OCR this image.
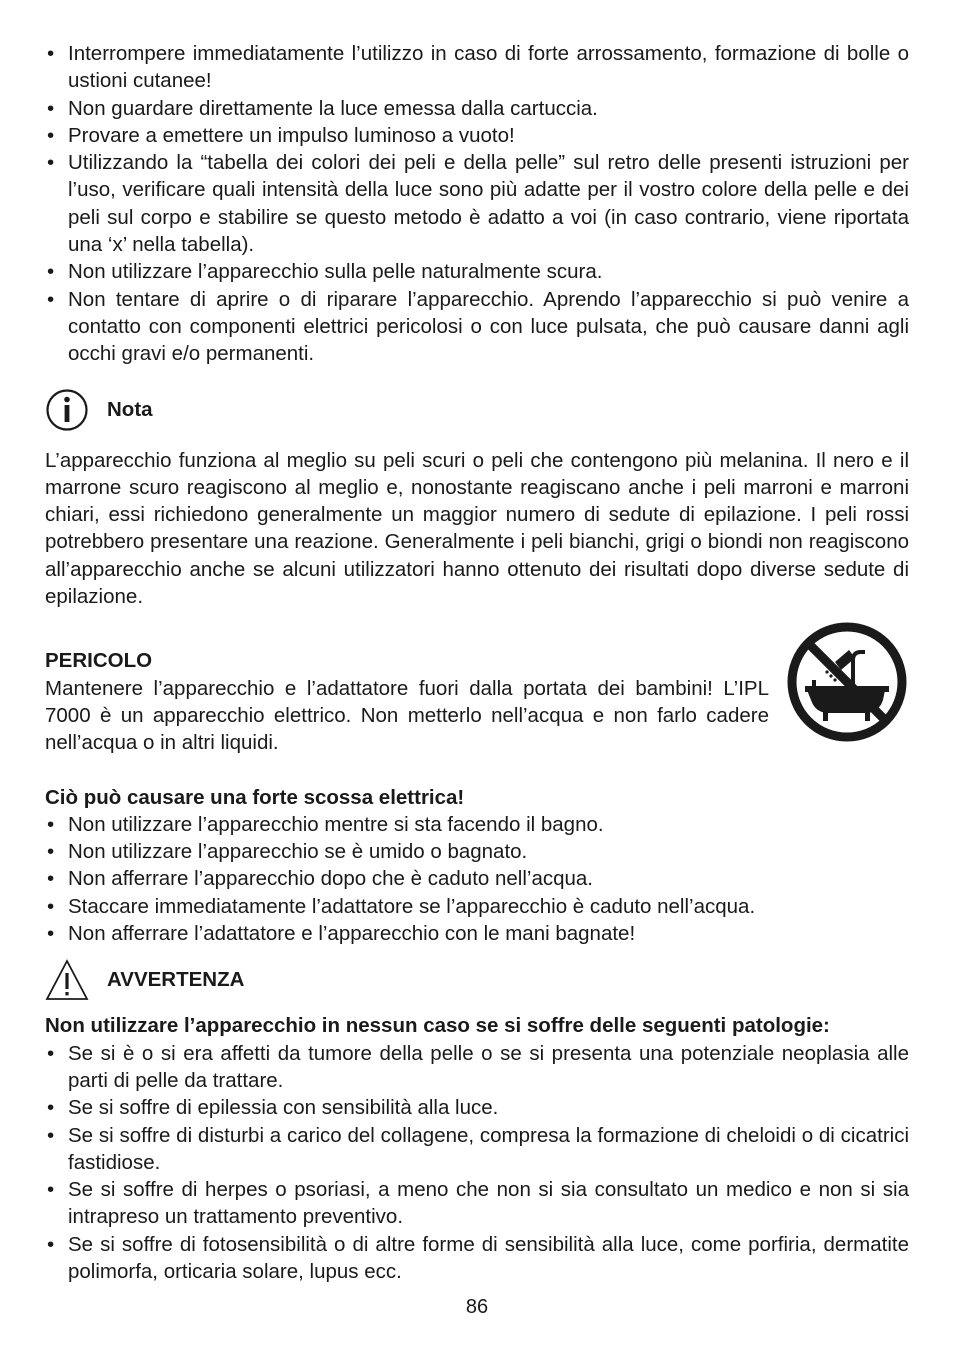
• Interrompere immediatamente l’utilizzo in caso di forte arrossamento, formazione di bolle o ustioni cutanee!
• Non guardare direttamente la luce emessa dalla cartuccia.
• Provare a emettere un impulso luminoso a vuoto!
• Utilizzando la “tabella dei colori dei peli e della pelle” sul retro delle presenti istruzioni per l’uso, verificare quali intensità della luce sono più adatte per il vostro colore della pelle e dei peli sul corpo e stabilire se questo metodo è adatto a voi (in caso contrario, viene riportata una ‘x’ nella tabella).
• Non utilizzare l’apparecchio sulla pelle naturalmente scura.
• Non tentare di aprire o di riparare l’apparecchio. Aprendo l’apparecchio si può venire a contatto con componenti elettrici pericolosi o con luce pulsata, che può causare danni agli occhi gravi e/o permanenti.
Nota

L’apparecchio funziona al meglio su peli scuri o peli che contengono più melanina. Il nero e il marrone scuro reagiscono al meglio e, nonostante reagiscano anche i peli marroni e marroni chiari, essi richiedono generalmente un maggior numero di sedute di epilazione. I peli rossi potrebbero presentare una reazione. Generalmente i peli bianchi, grigi o biondi non reagiscono all’apparecchio anche se alcuni utilizzatori hanno ottenuto dei risultati dopo diverse sedute di epilazione.

PERICOLO

Mantenere l’apparecchio e l’adattatore fuori dalla portata dei bambini! L’IPL 7000 è un apparecchio elettrico. Non metterlo nell’acqua e non farlo cadere nell’acqua o in altri liquidi.

Ciò può causare una forte scossa elettrica!
• Non utilizzare l’apparecchio mentre si sta facendo il bagno.
• Non utilizzare l’apparecchio se è umido o bagnato.
• Non afferrare l’apparecchio dopo che è caduto nell’acqua.
• Staccare immediatamente l’adattatore se l’apparecchio è caduto nell’acqua.
• Non afferrare l’adattatore e l’apparecchio con le mani bagnate!
AVVERTENZA
Non utilizzare l’apparecchio in nessun caso se si soffre delle seguenti patologie:
• Se si è o si era affetti da tumore della pelle o se si presenta una potenziale neoplasia alle parti di pelle da trattare.
• Se si soffre di epilessia con sensibilità alla luce.
• Se si soffre di disturbi a carico del collagene, compresa la formazione di cheloidi o di cicatrici fastidiose.
• Se si soffre di herpes o psoriasi, a meno che non si sia consultato un medico e non si sia intrapreso un trattamento preventivo.
• Se si soffre di fotosensibilità o di altre forme di sensibilità alla luce, come porfiria, dermatite polimorfa, orticaria solare, lupus ecc.
86
